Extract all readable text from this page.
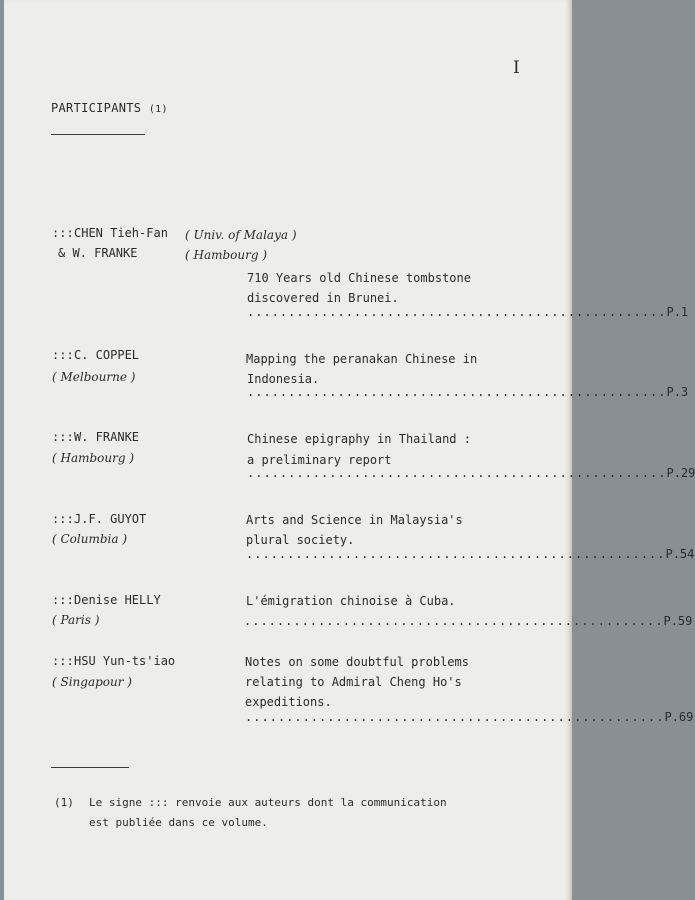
I
PARTICIPANTS (1)
::: CHEN Tieh-Fan ( Univ. of Malaya )
& W. FRANKE	( Hambourg )
710 Years old Chinese tombstone
discovered in Brunei.
................................................... P.1
::: C. COPPEL
( Melbourne )
Mapping the peranakan Chinese in
Indonesia.
................................................... P.3
::: W. FRANKE
( Hambourg )
Chinese epigraphy in Thailand :
a preliminary report
................................................... P.29
::: J.F. GUYOT
( Columbia )
Arts and Science in Malaysia's
plural society.
................................................... P.54
::: Denise HELLY
( Paris )
L'émigration chinoise à Cuba.
................................................... P.59
::: HSU Yun-ts'iao
( Singapour )
Notes on some doubtful problems
relating to Admiral Cheng Ho's
expeditions.
................................................... P.69
(1) Le signe ::: renvoie aux auteurs dont la communication
est publiée dans ce volume.
